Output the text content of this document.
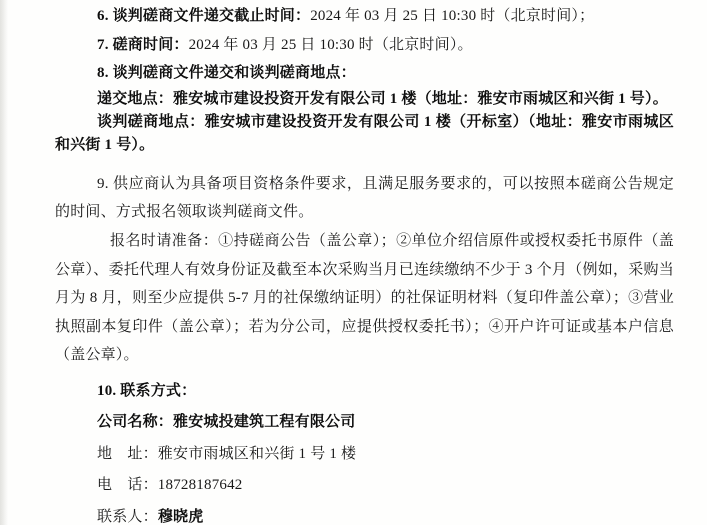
6. 谈判磋商文件递交截止时间：2024 年 03 月 25 日 10:30 时（北京时间）；

7. 磋商时间：2024 年 03 月 25 日 10:30 时（北京时间）。

8. 谈判磋商文件递交和谈判磋商地点：

递交地点：雅安城市建设投资开发有限公司 1 楼（地址：雅安市雨城区和兴街 1 号）。

谈判磋商地点：雅安城市建设投资开发有限公司 1 楼（开标室）（地址：雅安市雨城区和兴街 1 号）。

9. 供应商认为具备项目资格条件要求，且满足服务要求的，可以按照本磋商公告规定的时间、方式报名领取谈判磋商文件。

报名时请准备：①持磋商公告（盖公章）；②单位介绍信原件或授权委托书原件（盖公章）、委托代理人有效身份证及截至本次采购当月已连续缴纳不少于 3 个月（例如，采购当月为 8 月，则至少应提供 5-7 月的社保缴纳证明）的社保证明材料（复印件盖公章）；③营业执照副本复印件（盖公章）；若为分公司，应提供授权委托书）；④开户许可证或基本户信息（盖公章）。

10. 联系方式：

公司名称：雅安城投建筑工程有限公司

地　址：雅安市雨城区和兴街 1 号 1 楼

电　话：18728187642

联系人：穆晓虎
